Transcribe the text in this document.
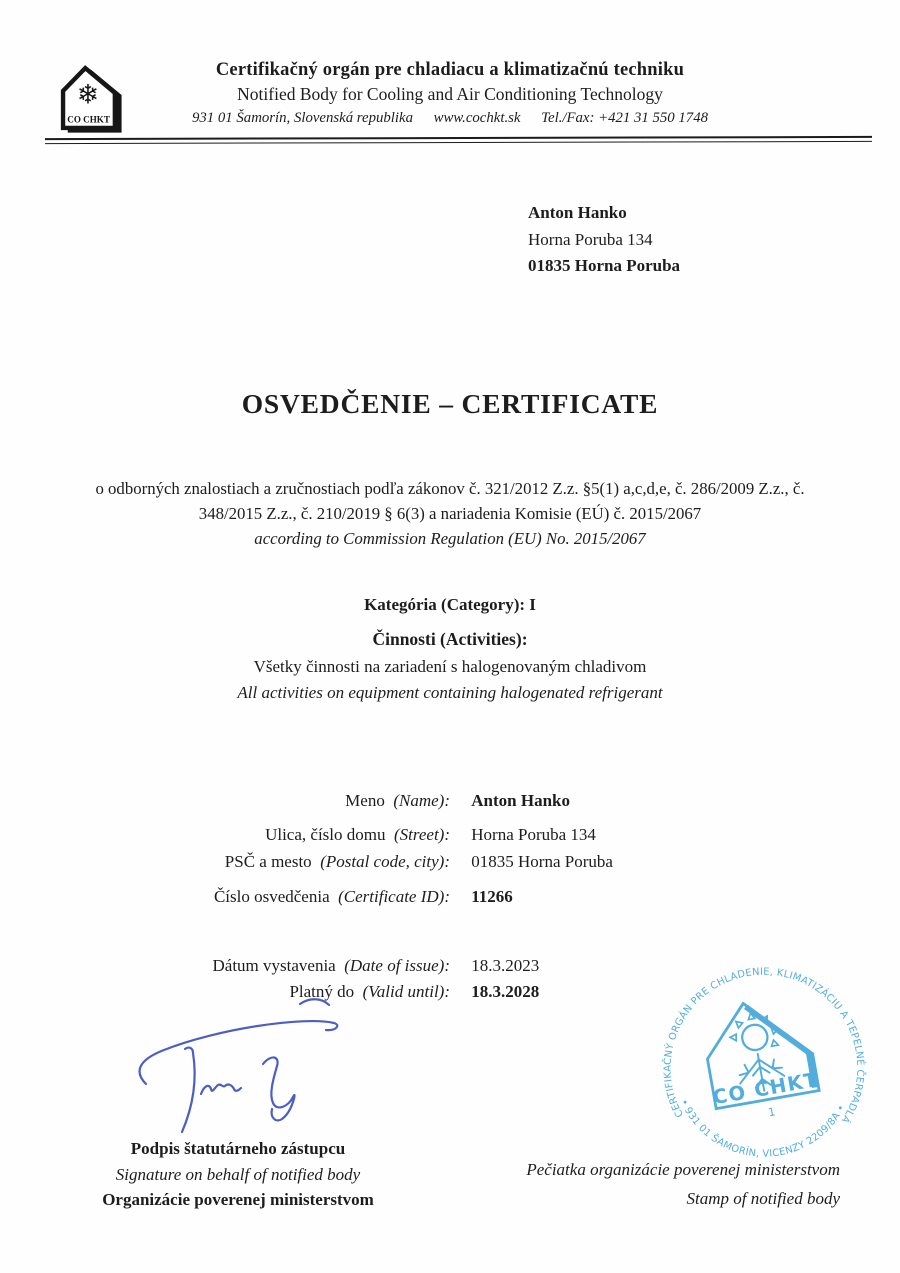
❄
CO CHKT
Certifikačný orgán pre chladiacu a klimatizačnú techniku
Notified Body for Cooling and Air Conditioning Technology
931 01 Šamorín, Slovenská republika www.cochkt.sk Tel./Fax: +421 31 550 1748
Anton Hanko
Horna Poruba 134
01835 Horna Poruba
OSVEDČENIE – CERTIFICATE
o odborných znalostiach a zručnostiach podľa zákonov č. 321/2012 Z.z. §5(1) a,c,d,e, č. 286/2009 Z.z., č.
348/2015 Z.z., č. 210/2019 § 6(3) a nariadenia Komisie (EÚ) č. 2015/2067
according to Commission Regulation (EU) No. 2015/2067
Kategória (Category): I
Činnosti (Activities):
Všetky činnosti na zariadení s halogenovaným chladivom
All activities on equipment containing halogenated refrigerant
Meno (Name): Anton Hanko
Ulica, číslo domu (Street): Horna Poruba 134
PSČ a mesto (Postal code, city): 01835 Horna Poruba
Číslo osvedčenia (Certificate ID): 11266
Dátum vystavenia (Date of issue): 18.3.2023
Platný do (Valid until): 18.3.2028
Podpis štatutárneho zástupcu
Signature on behalf of notified body
Organizácie poverenej ministerstvom
CERTIFIKAČNÝ ORGÁN PRE CHLADENIE, KLIMATIZÁCIU A TEPELNÉ ČERPADLÁ
• 931 01 ŠAMORÍN, VICENZY 2209/8A •
CO CHKT
1
Pečiatka organizácie poverenej ministerstvom
Stamp of notified body
